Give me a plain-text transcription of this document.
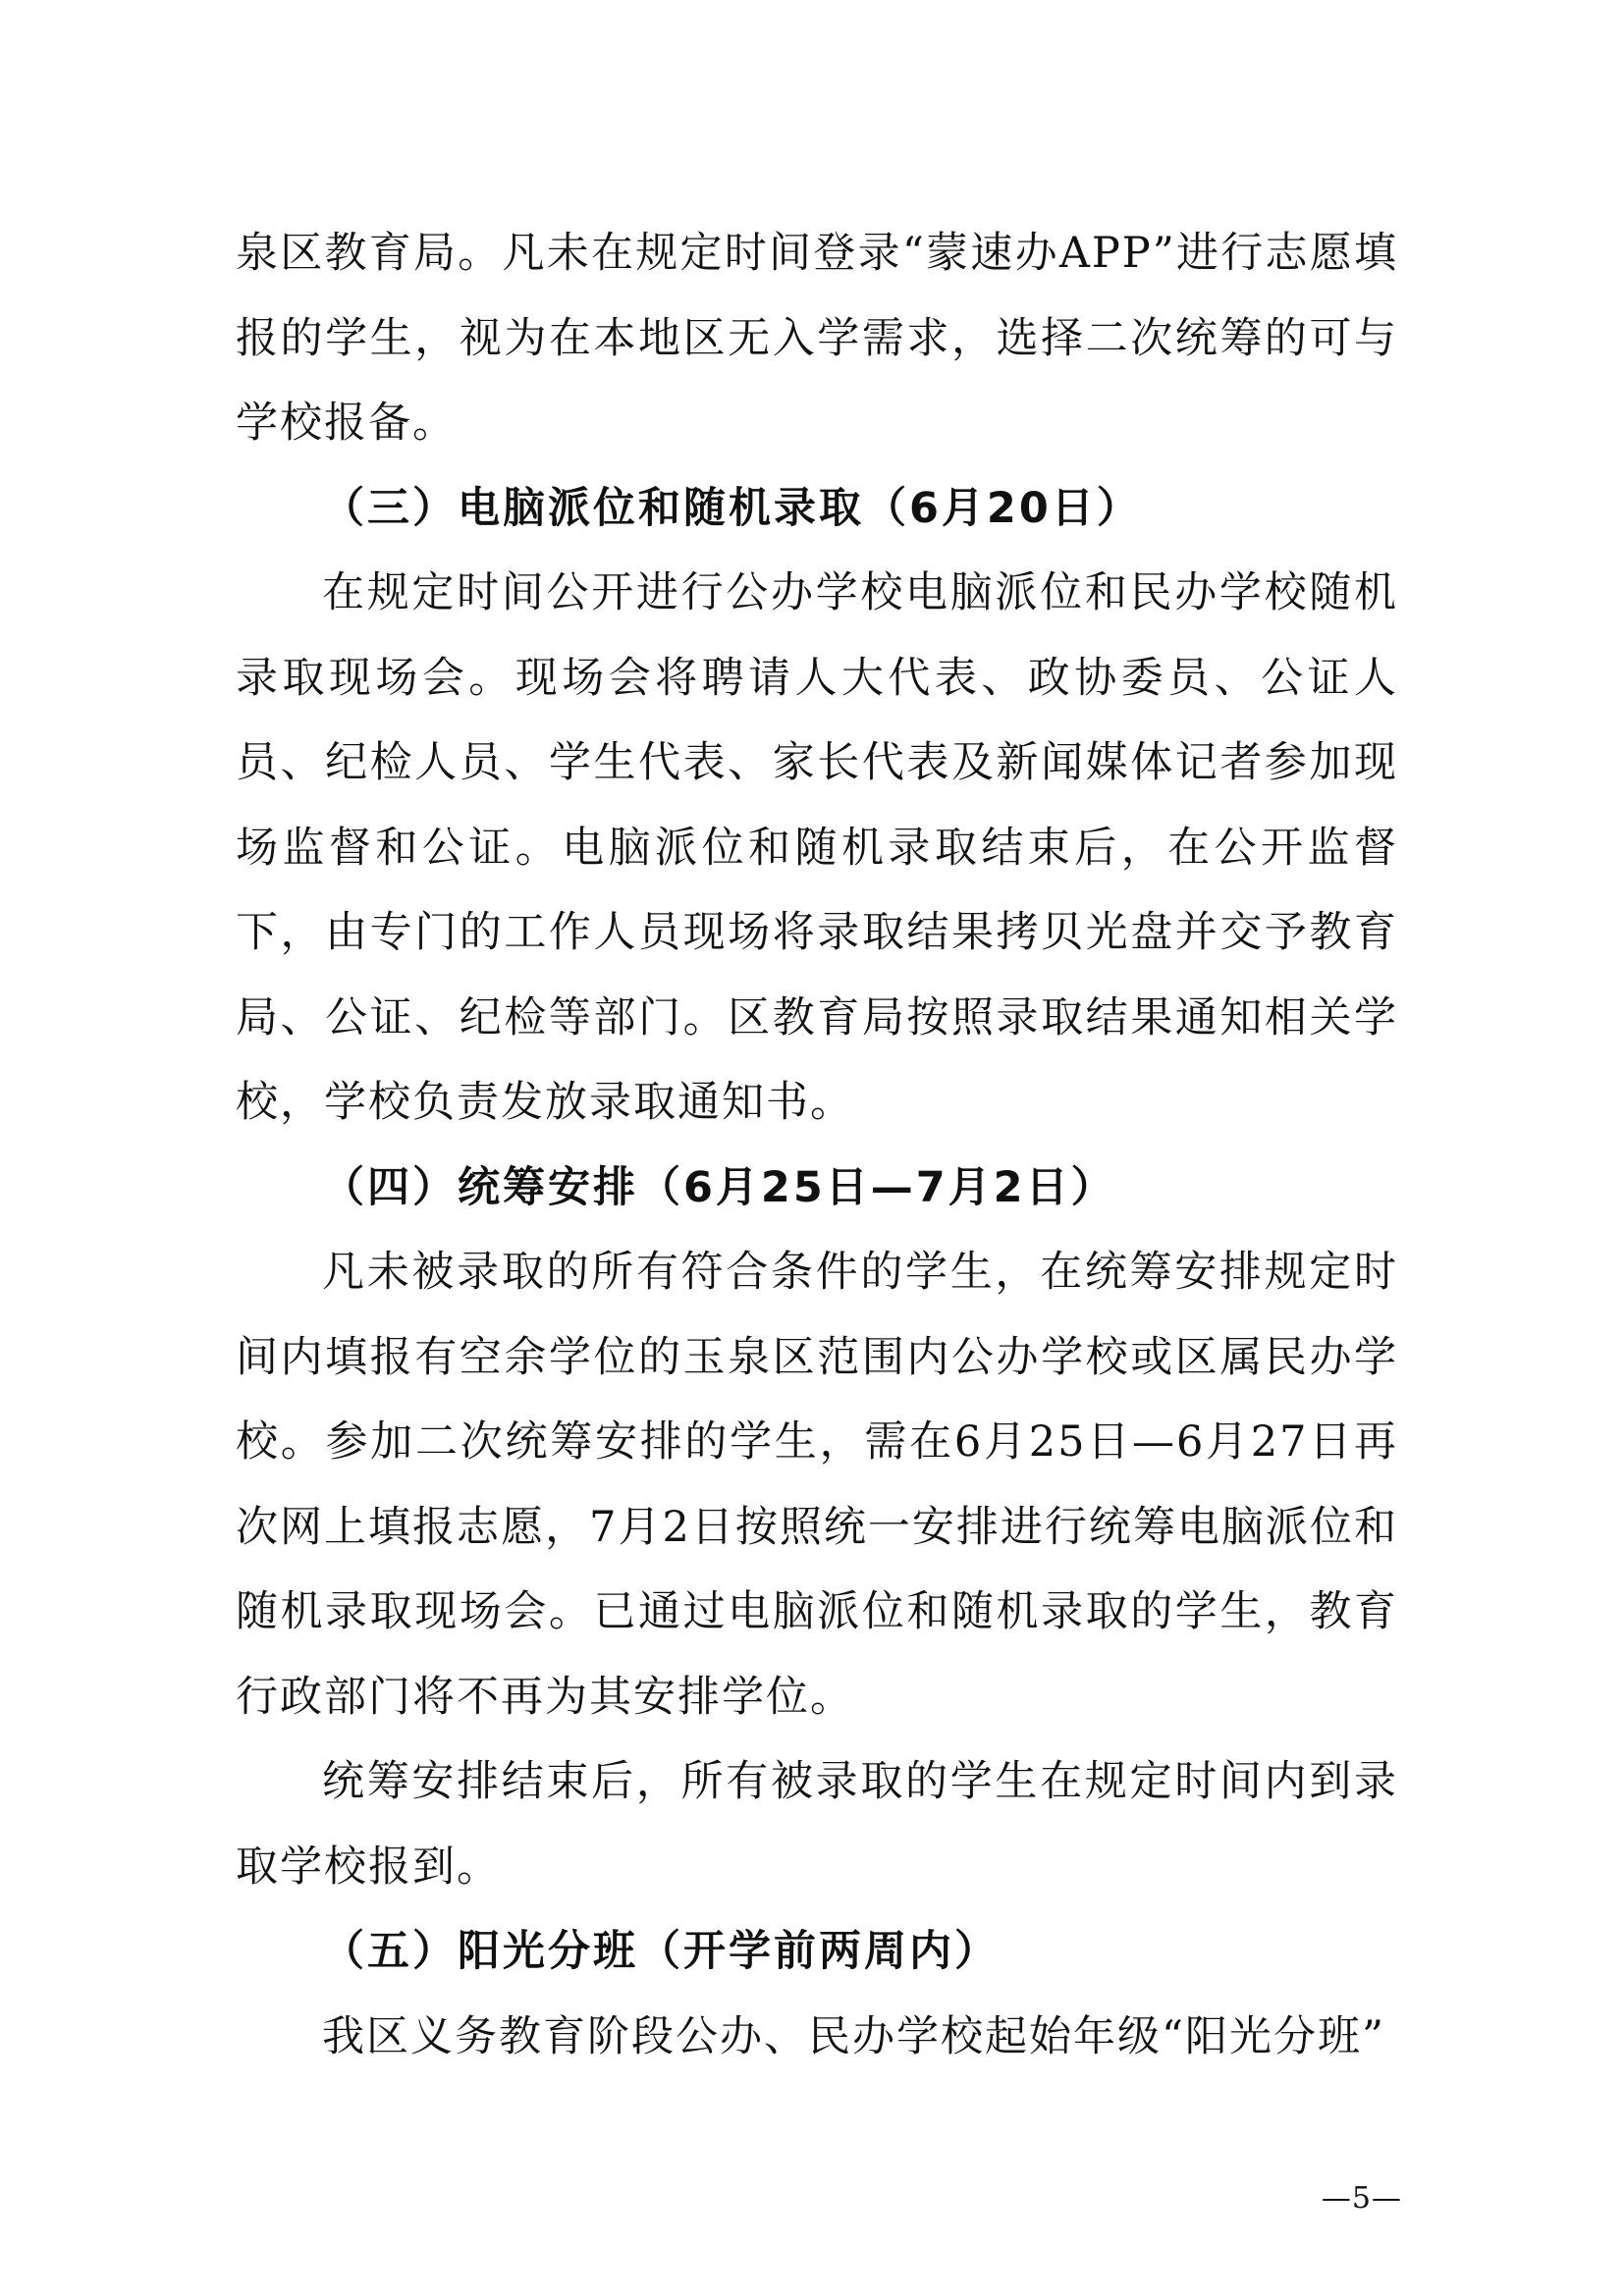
泉区教育局。凡未在规定时间登录“蒙速办APP”进行志愿填报的学生，视为在本地区无入学需求，选择二次统筹的可与学校报备。

（三）电脑派位和随机录取（6月20日）

在规定时间公开进行公办学校电脑派位和民办学校随机录取现场会。现场会将聘请人大代表、政协委员、公证人员、纪检人员、学生代表、家长代表及新闻媒体记者参加现场监督和公证。电脑派位和随机录取结束后，在公开监督下，由专门的工作人员现场将录取结果拷贝光盘并交予教育局、公证、纪检等部门。区教育局按照录取结果通知相关学校，学校负责发放录取通知书。

（四）统筹安排（6月25日—7月2日）

凡未被录取的所有符合条件的学生，在统筹安排规定时间内填报有空余学位的玉泉区范围内公办学校或区属民办学校。参加二次统筹安排的学生，需在6月25日—6月27日再次网上填报志愿，7月2日按照统一安排进行统筹电脑派位和随机录取现场会。已通过电脑派位和随机录取的学生，教育行政部门将不再为其安排学位。

统筹安排结束后，所有被录取的学生在规定时间内到录取学校报到。

（五）阳光分班（开学前两周内）

我区义务教育阶段公办、民办学校起始年级“阳光分班”

—5—
